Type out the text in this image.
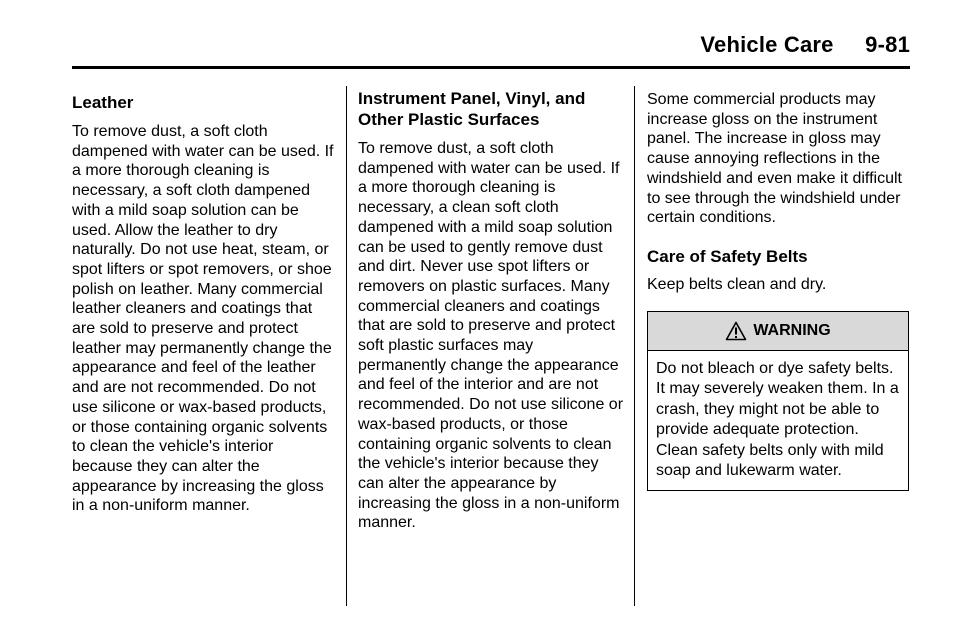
Vehicle Care     9-81
Leather

To remove dust, a soft cloth dampened with water can be used. If a more thorough cleaning is necessary, a soft cloth dampened with a mild soap solution can be used. Allow the leather to dry naturally. Do not use heat, steam, or spot lifters or spot removers, or shoe polish on leather. Many commercial leather cleaners and coatings that are sold to preserve and protect leather may permanently change the appearance and feel of the leather and are not recommended. Do not use silicone or wax-based products, or those containing organic solvents to clean the vehicle's interior because they can alter the appearance by increasing the gloss in a non-uniform manner.

Instrument Panel, Vinyl, and Other Plastic Surfaces

To remove dust, a soft cloth dampened with water can be used. If a more thorough cleaning is necessary, a clean soft cloth dampened with a mild soap solution can be used to gently remove dust and dirt. Never use spot lifters or removers on plastic surfaces. Many commercial cleaners and coatings that are sold to preserve and protect soft plastic surfaces may permanently change the appearance and feel of the interior and are not recommended. Do not use silicone or wax-based products, or those containing organic solvents to clean the vehicle's interior because they can alter the appearance by increasing the gloss in a non-uniform manner.

Some commercial products may increase gloss on the instrument panel. The increase in gloss may cause annoying reflections in the windshield and even make it difficult to see through the windshield under certain conditions.

Care of Safety Belts

Keep belts clean and dry.

WARNING
Do not bleach or dye safety belts. It may severely weaken them. In a crash, they might not be able to provide adequate protection. Clean safety belts only with mild soap and lukewarm water.
